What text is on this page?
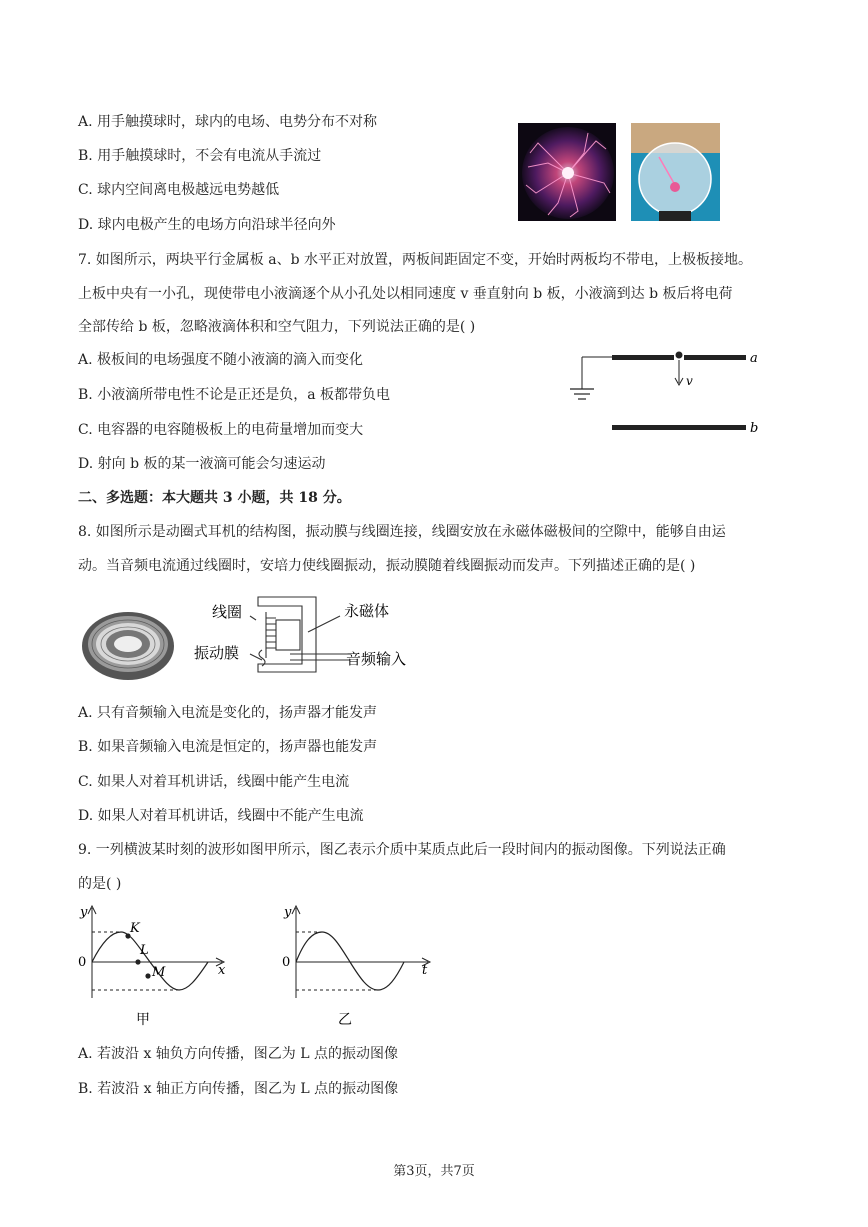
A. 用手触摸球时，球内的电场、电势分布不对称
B. 用手触摸球时，不会有电流从手流过
C. 球内空间离电极越远电势越低
D. 球内电极产生的电场方向沿球半径向外
7. 如图所示，两块平行金属板 a、b 水平正对放置，两板间距固定不变，开始时两板均不带电，上极板接地。
上板中央有一小孔，现使带电小液滴逐个从小孔处以相同速度 v 垂直射向 b 板，小液滴到达 b 板后将电荷
全部传给 b 板，忽略液滴体积和空气阻力，下列说法正确的是( )
A. 极板间的电场强度不随小液滴的滴入而变化
B. 小液滴所带电性不论是正还是负，a 板都带负电
C. 电容器的电容随极板上的电荷量增加而变大
D. 射向 b 板的某一液滴可能会匀速运动
v
a
b
二、多选题：本大题共 3 小题，共 18 分。
8. 如图所示是动圈式耳机的结构图，振动膜与线圈连接，线圈安放在永磁体磁极间的空隙中，能够自由运
动。当音频电流通过线圈时，安培力使线圈振动，振动膜随着线圈振动而发声。下列描述正确的是( )
线圈	永磁体
振动膜	音频输入
A. 只有音频输入电流是变化的，扬声器才能发声
B. 如果音频输入电流是恒定的，扬声器也能发声
C. 如果人对着耳机讲话，线圈中能产生电流
D. 如果人对着耳机讲话，线圈中不能产生电流
9. 一列横波某时刻的波形如图甲所示，图乙表示介质中某质点此后一段时间内的振动图像。下列说法正确
的是( )
y
x
0
K
L
M
甲
y
t
0
乙
A. 若波沿 x 轴负方向传播，图乙为 L 点的振动图像
B. 若波沿 x 轴正方向传播，图乙为 L 点的振动图像
第3页，共7页
